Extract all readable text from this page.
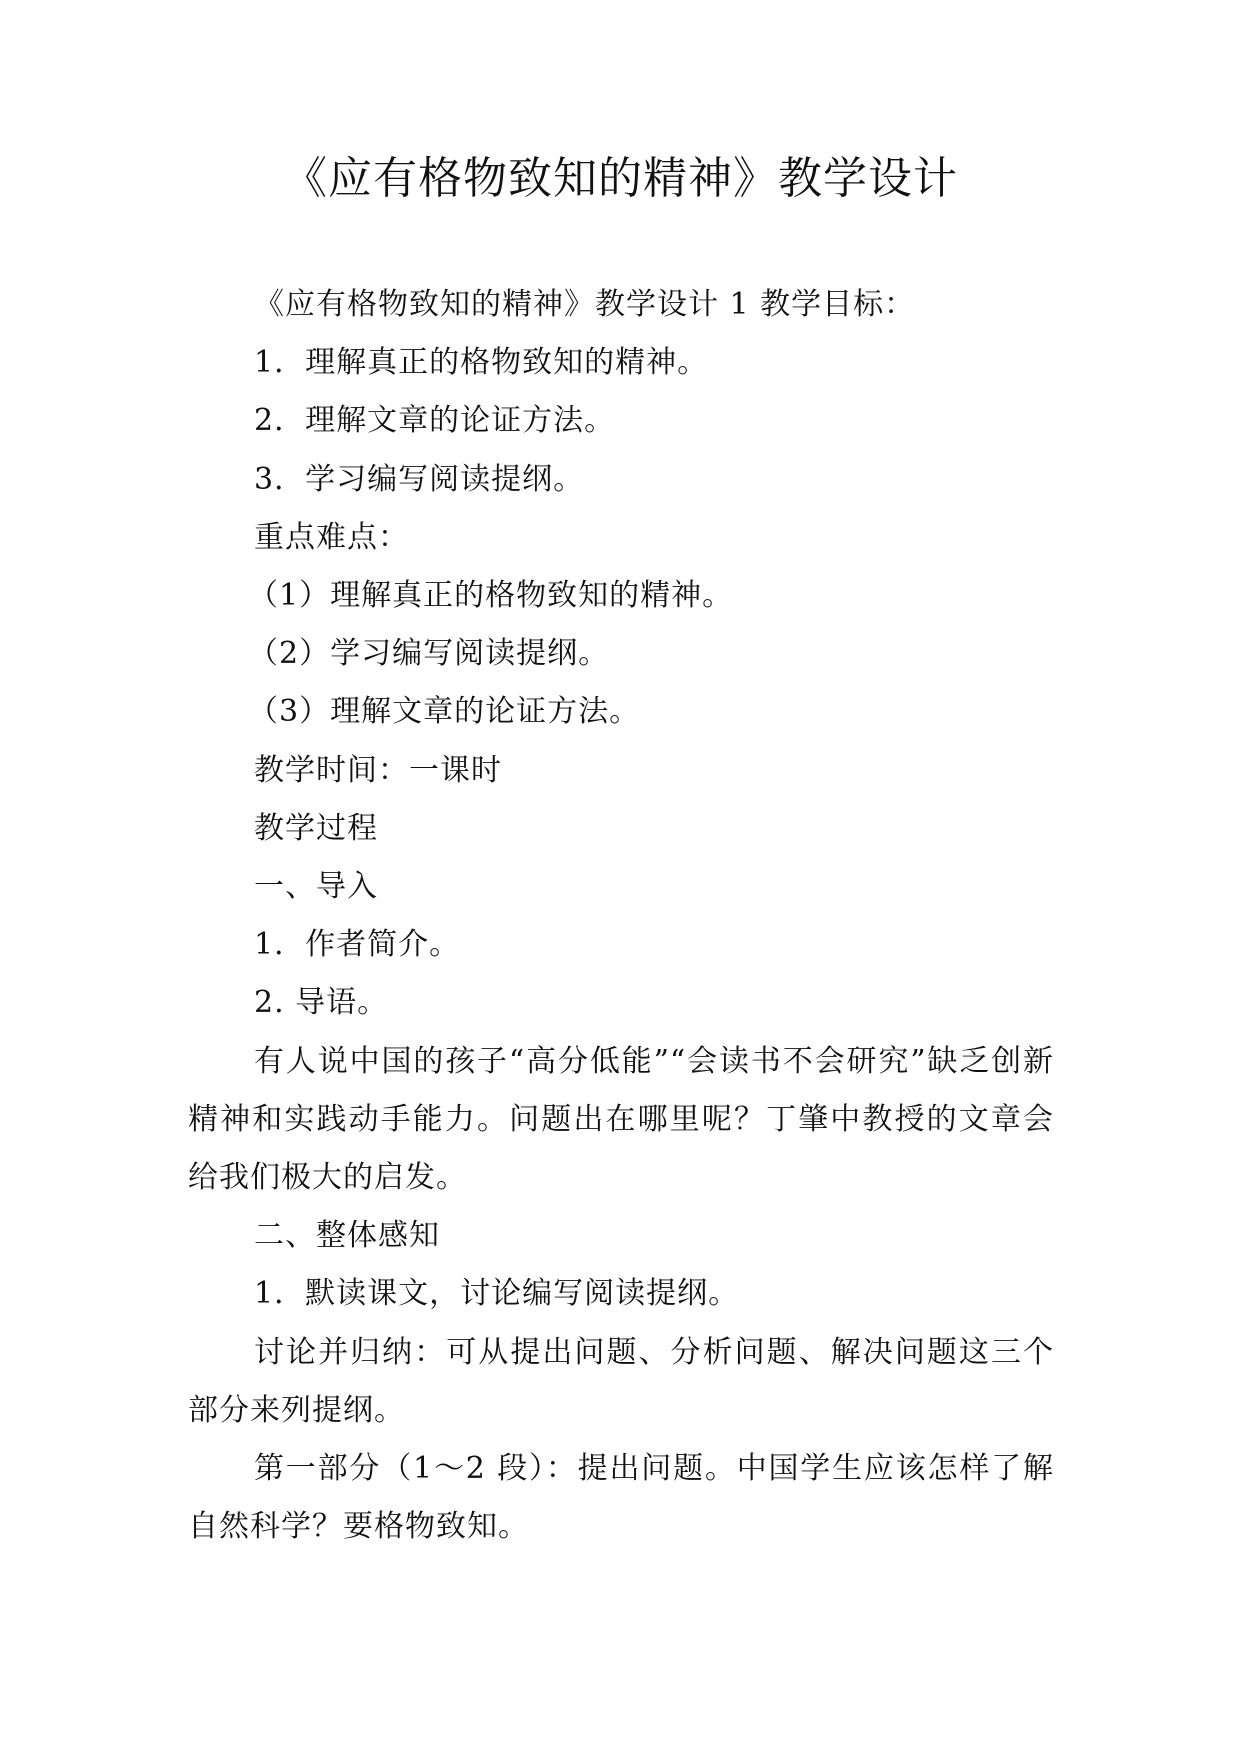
《应有格物致知的精神》教学设计

《应有格物致知的精神》教学设计 1 教学目标：

1．理解真正的格物致知的精神。

2．理解文章的论证方法。

3．学习编写阅读提纲。

重点难点：

（1）理解真正的格物致知的精神。

（2）学习编写阅读提纲。

（3）理解文章的论证方法。

教学时间：一课时

教学过程

一、导入

1．作者简介。

2. 导语。

有人说中国的孩子“高分低能”“会读书不会研究”缺乏创新精神和实践动手能力。问题出在哪里呢？丁肇中教授的文章会给我们极大的启发。

二、整体感知

1．默读课文，讨论编写阅读提纲。

讨论并归纳：可从提出问题、分析问题、解决问题这三个部分来列提纲。

第一部分（1～2 段）：提出问题。中国学生应该怎样了解自然科学？要格物致知。
